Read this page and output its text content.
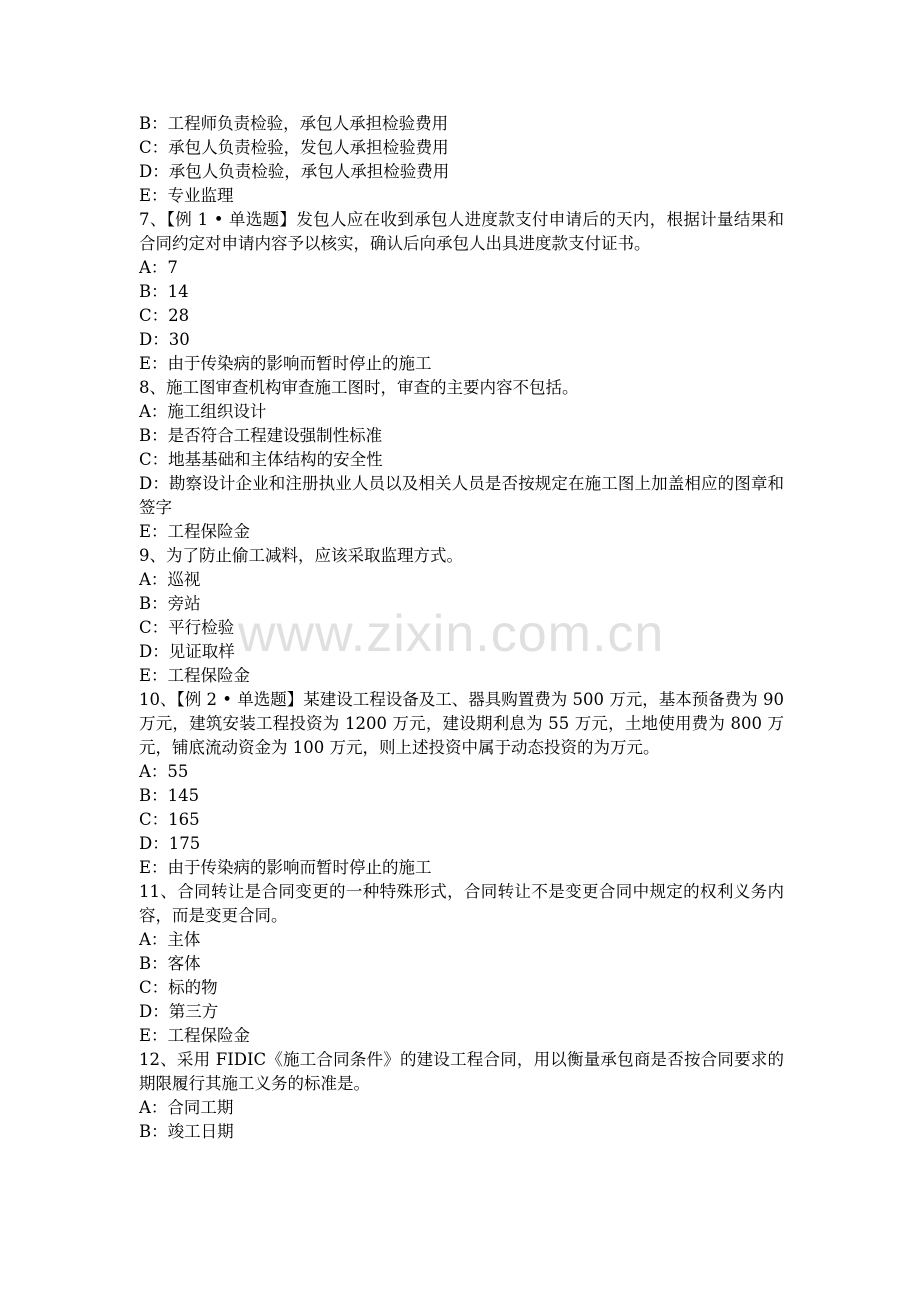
B：工程师负责检验，承包人承担检验费用

C：承包人负责检验，发包人承担检验费用

D：承包人负责检验，承包人承担检验费用

E：专业监理

7、【例 1 • 单选题】发包人应在收到承包人进度款支付申请后的天内，根据计量结果和合同约定对申请内容予以核实，确认后向承包人出具进度款支付证书。

A：7

B：14

C：28

D：30

E：由于传染病的影响而暂时停止的施工

8、施工图审查机构审查施工图时，审查的主要内容不包括。

A：施工组织设计

B：是否符合工程建设强制性标准

C：地基基础和主体结构的安全性

D：勘察设计企业和注册执业人员以及相关人员是否按规定在施工图上加盖相应的图章和签字

E：工程保险金

9、为了防止偷工减料，应该采取监理方式。

A：巡视

B：旁站

C：平行检验

D：见证取样

E：工程保险金

10、【例 2 • 单选题】某建设工程设备及工、器具购置费为 500 万元，基本预备费为 90 万元，建筑安装工程投资为 1200 万元，建设期利息为 55 万元，土地使用费为 800 万元，铺底流动资金为 100 万元，则上述投资中属于动态投资的为万元。

A：55

B：145

C：165

D：175

E：由于传染病的影响而暂时停止的施工

11、合同转让是合同变更的一种特殊形式，合同转让不是变更合同中规定的权利义务内容，而是变更合同。

A：主体

B：客体

C：标的物

D：第三方

E：工程保险金

12、采用 FIDIC《施工合同条件》的建设工程合同，用以衡量承包商是否按合同要求的期限履行其施工义务的标准是。

A：合同工期

B：竣工日期

www.zixin.com.cn
